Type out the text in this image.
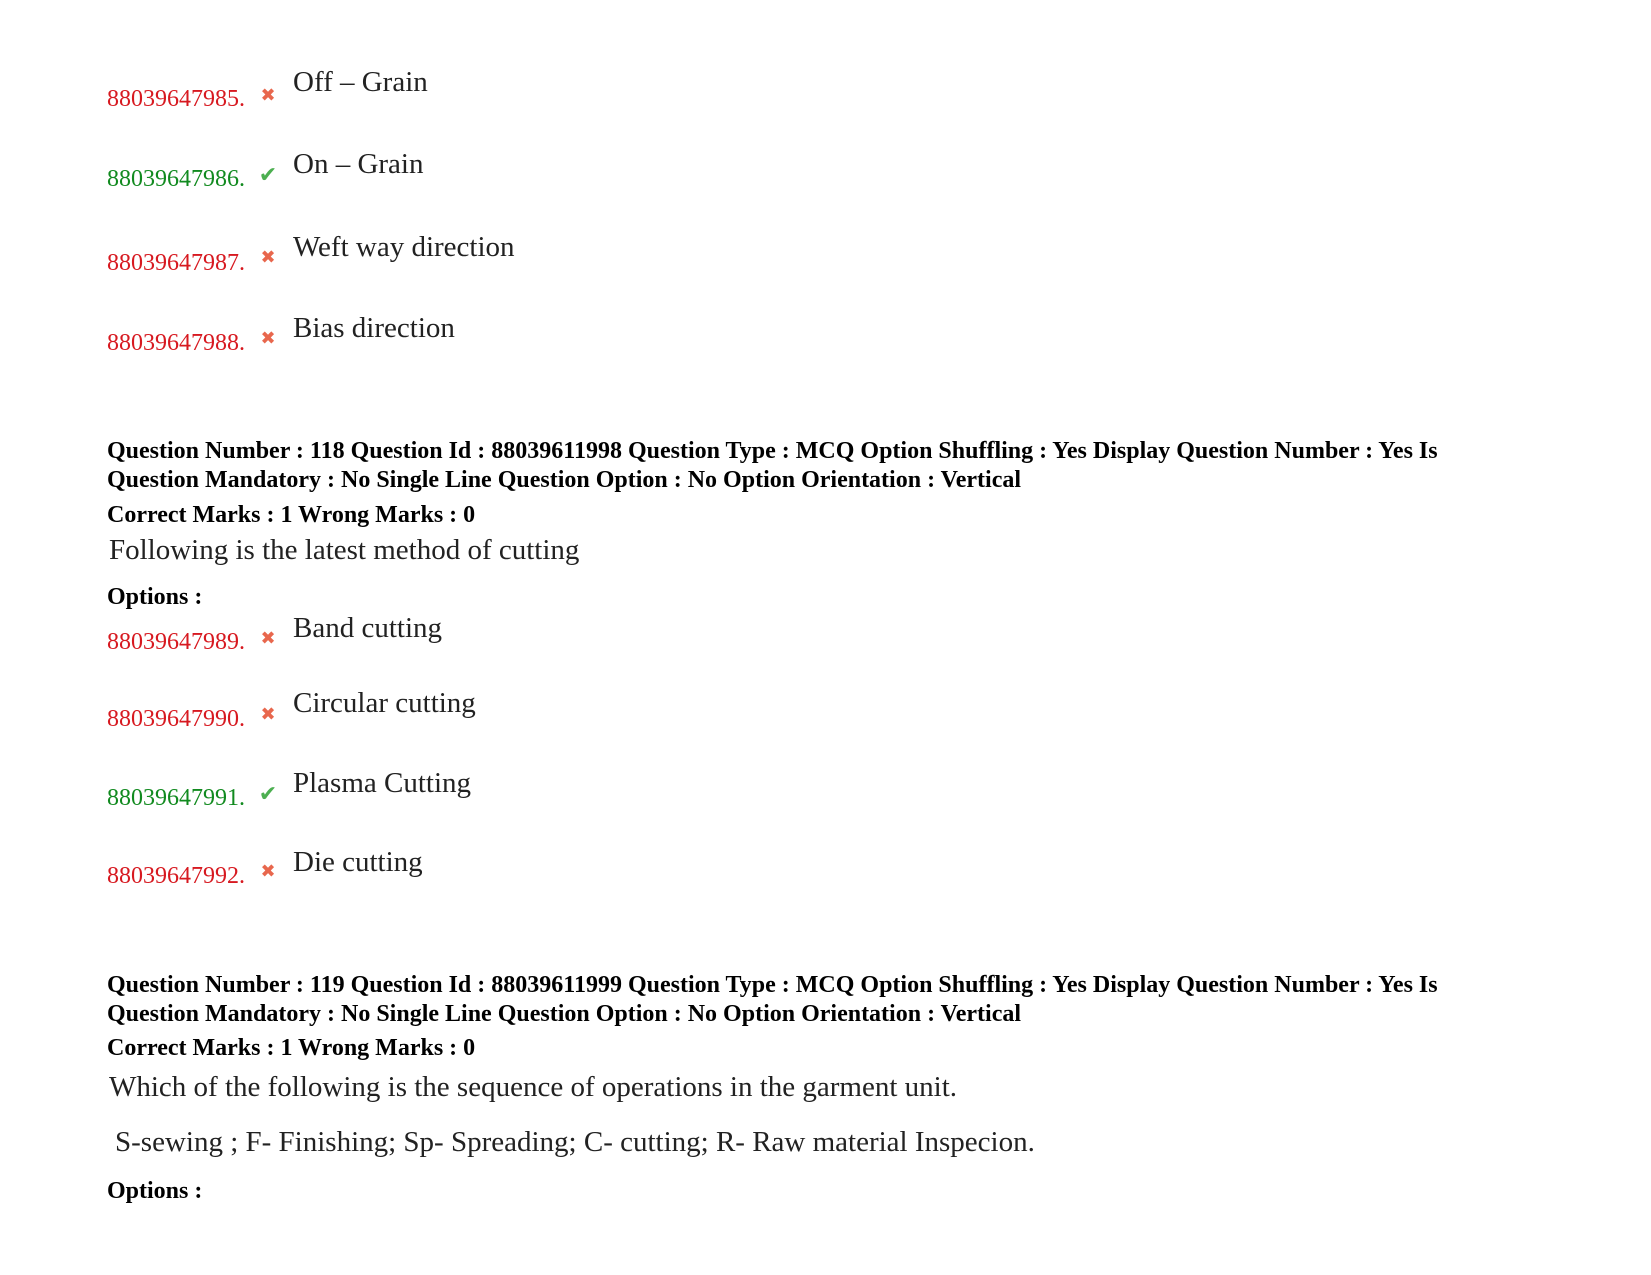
88039647985. ✖ Off – Grain
88039647986. ✔ On – Grain
88039647987. ✖ Weft way direction
88039647988. ✖ Bias direction
Question Number : 118 Question Id : 88039611998 Question Type : MCQ Option Shuffling : Yes Display Question Number : Yes Is
Question Mandatory : No Single Line Question Option : No Option Orientation : Vertical
Correct Marks : 1 Wrong Marks : 0
Following is the latest method of cutting
Options :
88039647989. ✖ Band cutting
88039647990. ✖ Circular cutting
88039647991. ✔ Plasma Cutting
88039647992. ✖ Die cutting
Question Number : 119 Question Id : 88039611999 Question Type : MCQ Option Shuffling : Yes Display Question Number : Yes Is
Question Mandatory : No Single Line Question Option : No Option Orientation : Vertical
Correct Marks : 1 Wrong Marks : 0
Which of the following is the sequence of operations in the garment unit.
S-sewing ; F- Finishing; Sp- Spreading; C- cutting; R- Raw material Inspecion.
Options :
